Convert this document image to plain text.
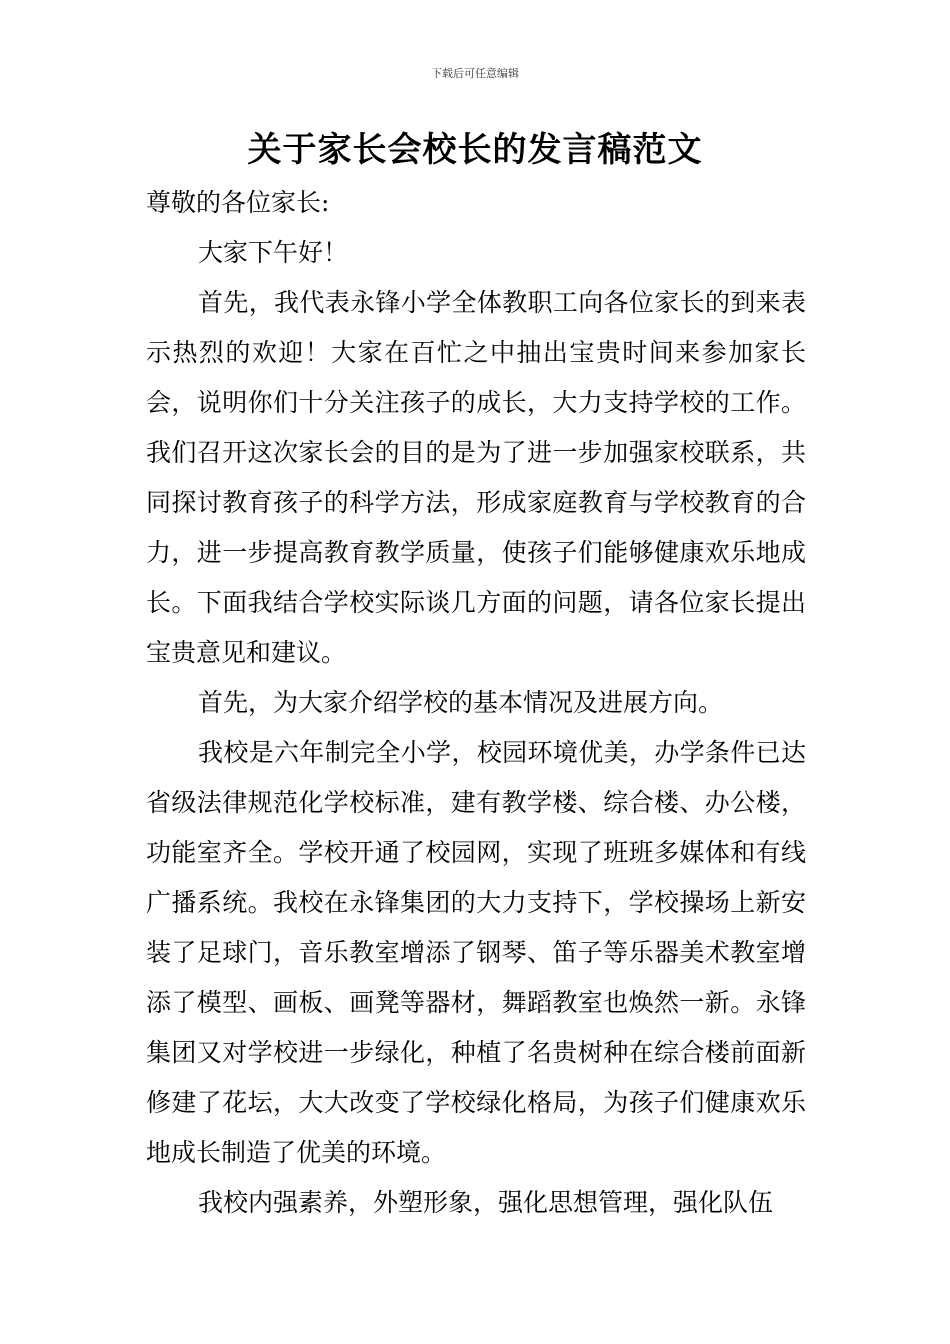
下载后可任意编辑
关于家长会校长的发言稿范文

尊敬的各位家长:

大家下午好！

首先，我代表永锋小学全体教职工向各位家长的到来表示热烈的欢迎！大家在百忙之中抽出宝贵时间来参加家长会，说明你们十分关注孩子的成长，大力支持学校的工作。我们召开这次家长会的目的是为了进一步加强家校联系，共同探讨教育孩子的科学方法，形成家庭教育与学校教育的合力，进一步提高教育教学质量，使孩子们能够健康欢乐地成长。下面我结合学校实际谈几方面的问题，请各位家长提出宝贵意见和建议。

首先，为大家介绍学校的基本情况及进展方向。

我校是六年制完全小学，校园环境优美，办学条件已达省级法律规范化学校标准，建有教学楼、综合楼、办公楼，功能室齐全。学校开通了校园网，实现了班班多媒体和有线广播系统。我校在永锋集团的大力支持下，学校操场上新安装了足球门，音乐教室增添了钢琴、笛子等乐器美术教室增添了模型、画板、画凳等器材，舞蹈教室也焕然一新。永锋集团又对学校进一步绿化，种植了名贵树种在综合楼前面新修建了花坛，大大改变了学校绿化格局，为孩子们健康欢乐地成长制造了优美的环境。

我校内强素养，外塑形象，强化思想管理，强化队伍
